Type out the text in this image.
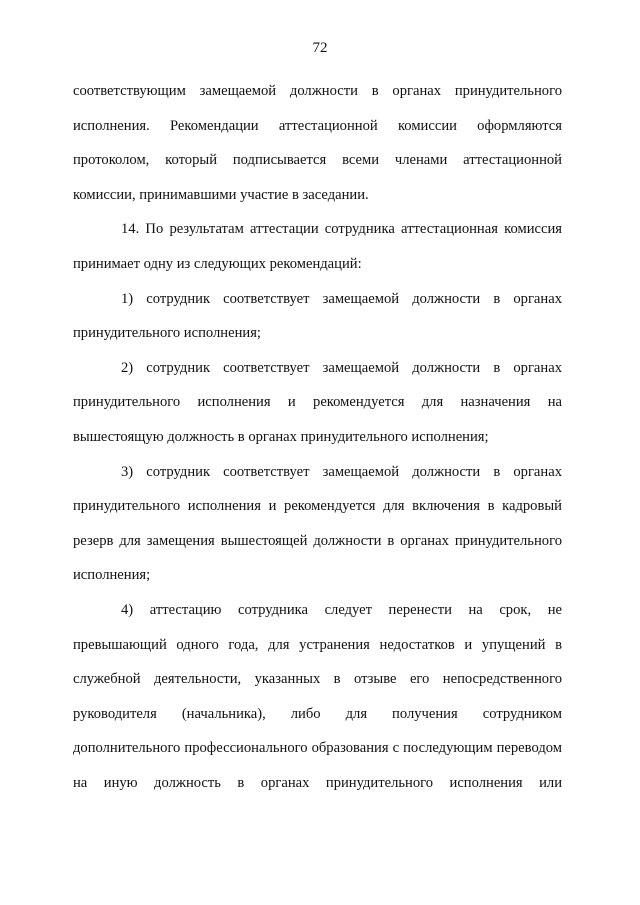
72

соответствующим замещаемой должности в органах принудительного исполнения. Рекомендации аттестационной комиссии оформляются протоколом, который подписывается всеми членами аттестационной комиссии, принимавшими участие в заседании.

14. По результатам аттестации сотрудника аттестационная комиссия принимает одну из следующих рекомендаций:

1) сотрудник соответствует замещаемой должности в органах принудительного исполнения;

2) сотрудник соответствует замещаемой должности в органах принудительного исполнения и рекомендуется для назначения на вышестоящую должность в органах принудительного исполнения;

3) сотрудник соответствует замещаемой должности в органах принудительного исполнения и рекомендуется для включения в кадровый резерв для замещения вышестоящей должности в органах принудительного исполнения;

4) аттестацию сотрудника следует перенести на срок, не превышающий одного года, для устранения недостатков и упущений в служебной деятельности, указанных в отзыве его непосредственного руководителя (начальника), либо для получения сотрудником дополнительного профессионального образования с последующим переводом на иную должность в органах принудительного исполнения или
